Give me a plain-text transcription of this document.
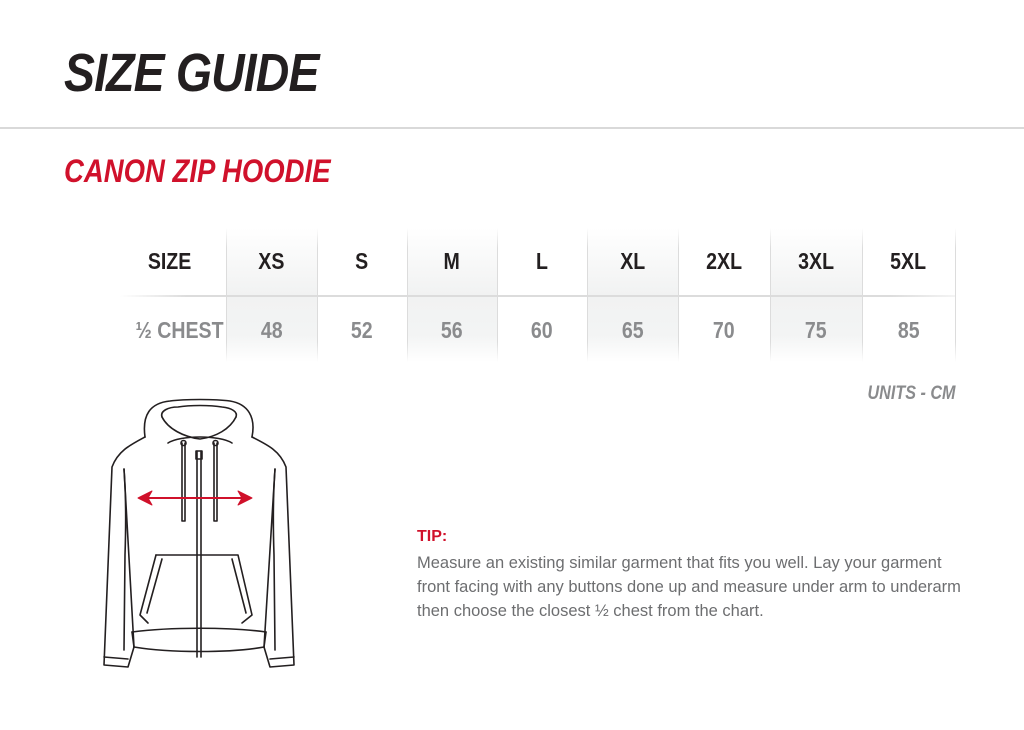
SIZE GUIDE
CANON ZIP HOODIE
SIZE	XS	S	M	L	XL	2XL 3XL 5XL
½ CHEST 48	52	56	60	65	70	75	85
UNITS - CM
TIP:
Measure an existing similar garment that fits you well. Lay your garment front facing with any buttons done up and measure under arm to underarm then choose the closest ½ chest from the chart.
